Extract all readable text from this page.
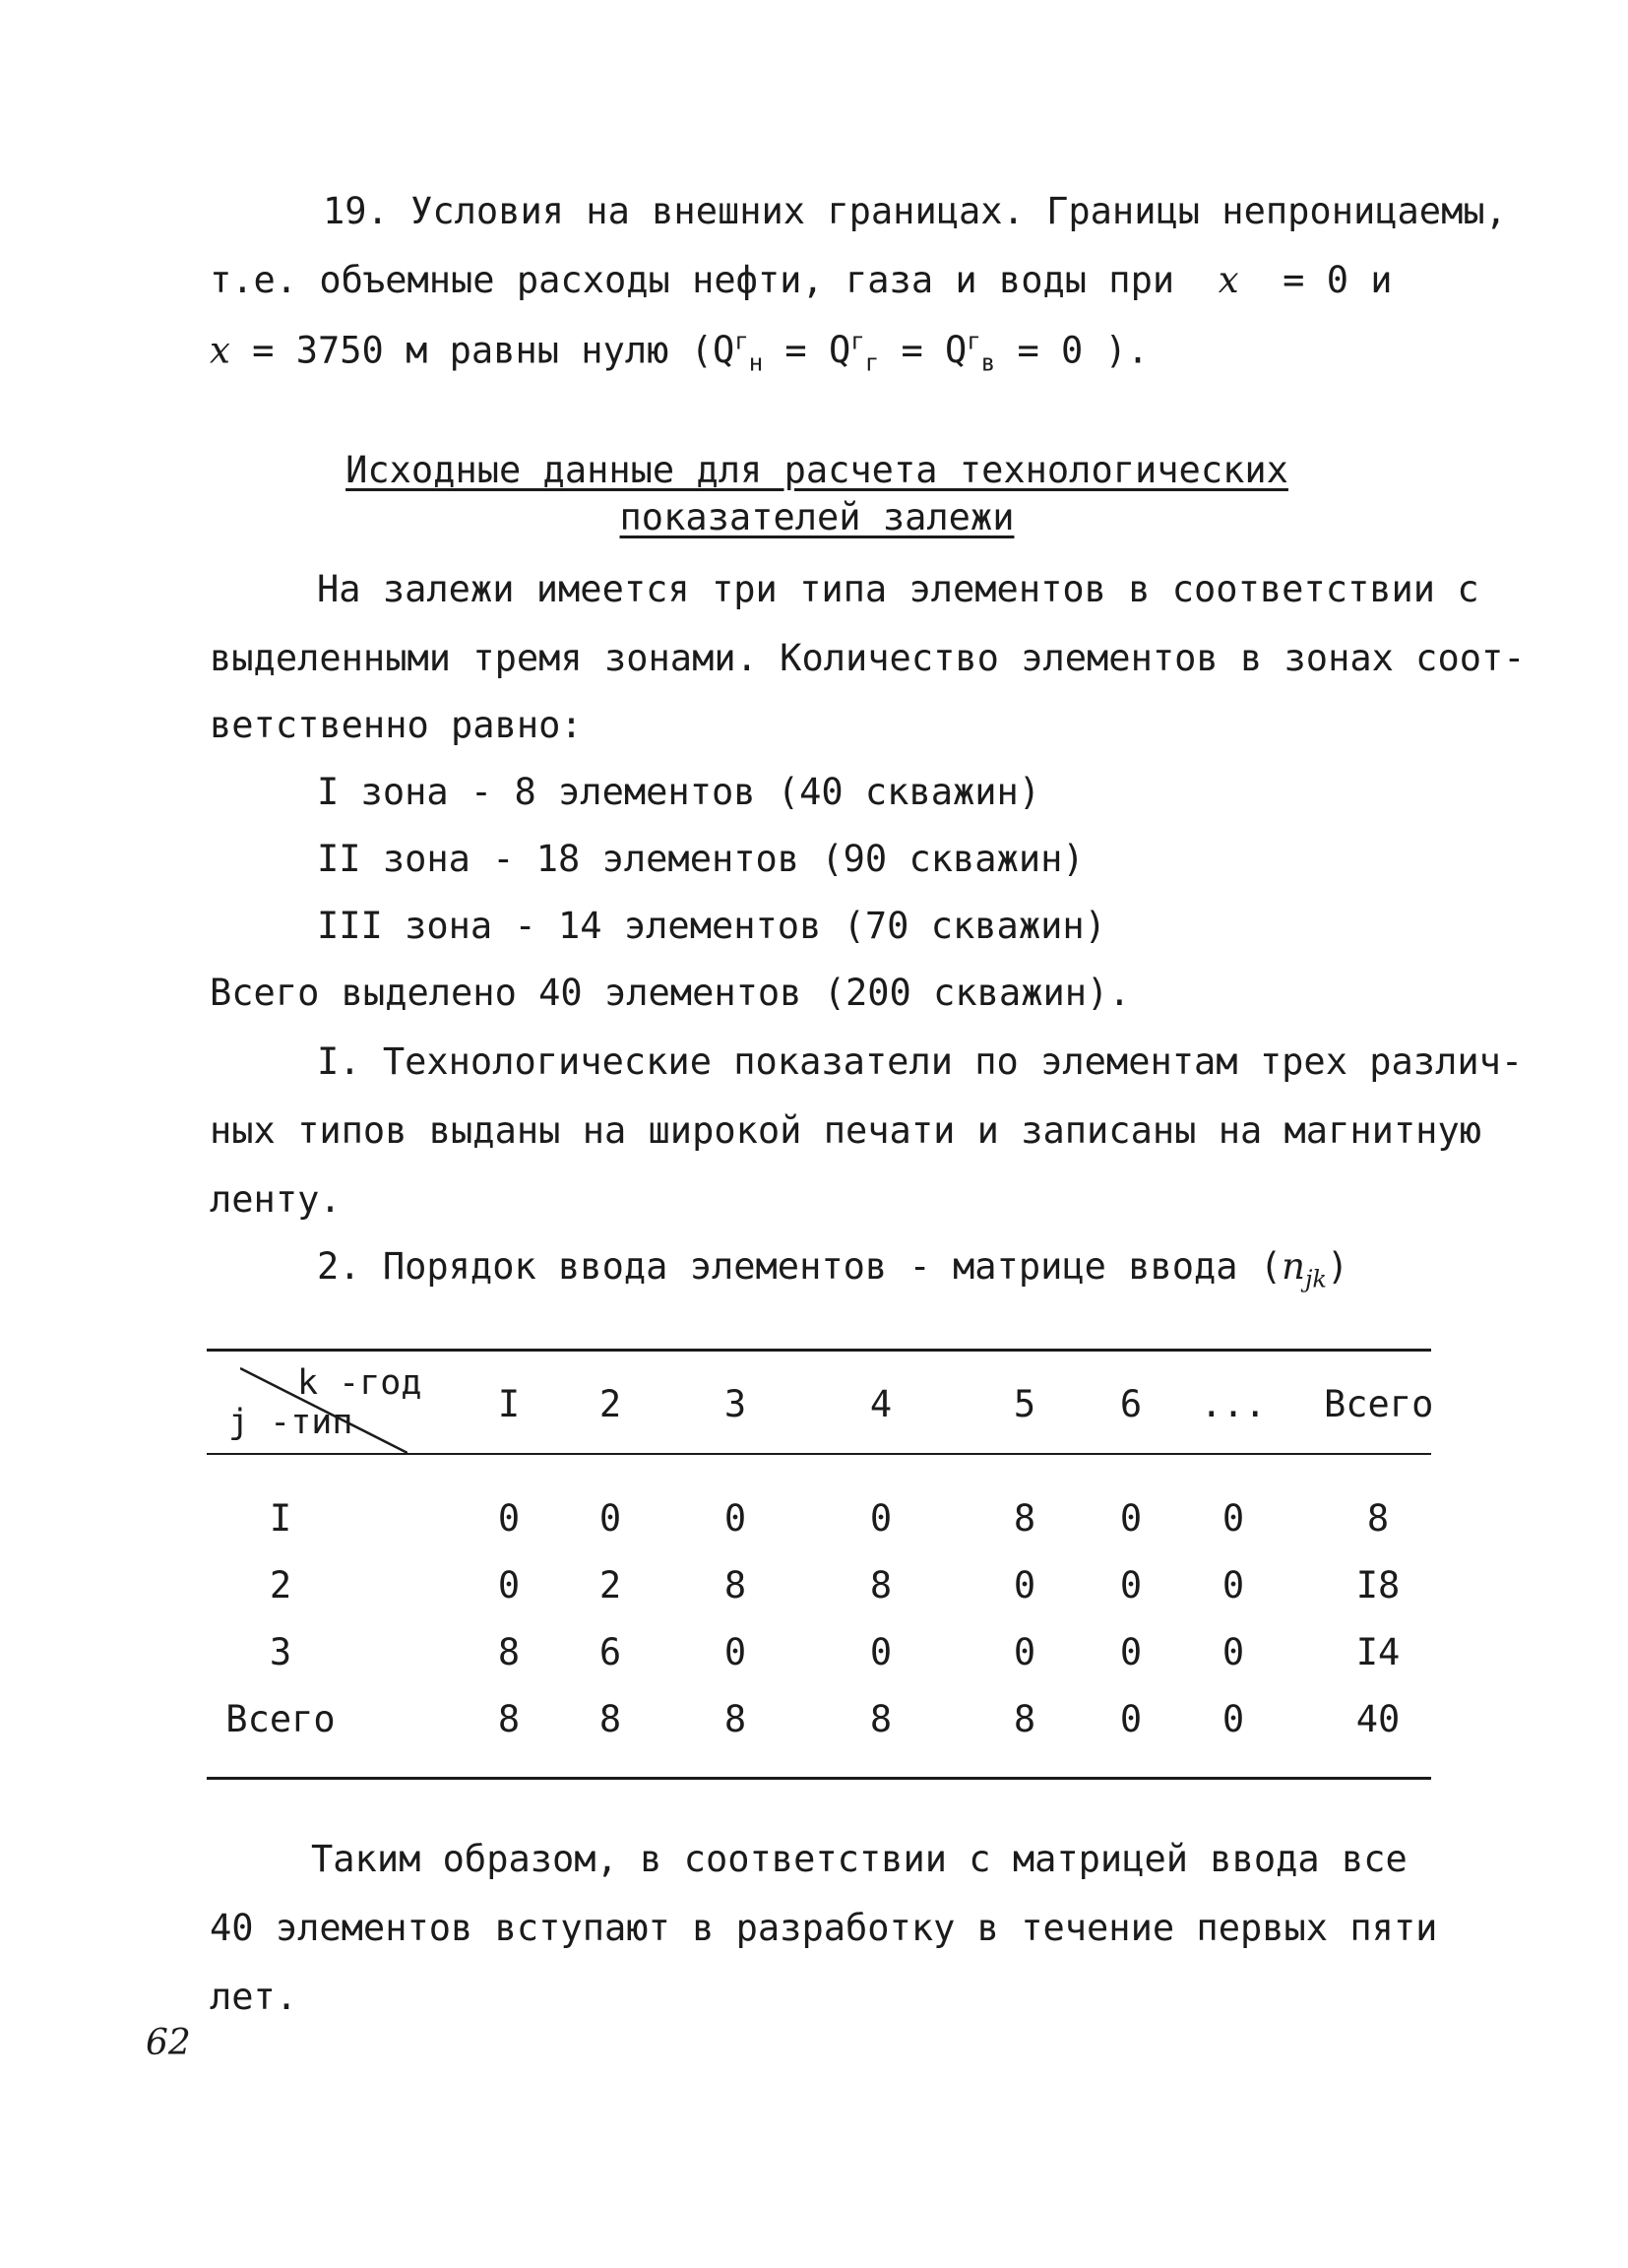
19. Условия на внешних границах. Границы непроницаемы,
т.е. объемные расходы нефти, газа и воды при x = 0 и
x = 3750 м равны нулю ($Q^г_н = Q^г_г = Q^г_в = 0$ ).
Исходные данные для расчета технологических
показателей залежи
На залежи имеется три типа элементов в соответствии с
выделенными тремя зонами. Количество элементов в зонах соот-
ветственно равно:
I зона - 8 элементов (40 скважин)
II зона - 18 элементов (90 скважин)
III зона - 14 элементов (70 скважин)
Всего выделено 40 элементов (200 скважин).
I. Технологические показатели по элементам трех различ-
ных типов выданы на широкой печати и записаны на магнитную
ленту.
2. Порядок ввода элементов - матрице ввода $(n_{jk})$
k -год
j -тип	I	2	3	4	5	6	...	Всего
I	0	0	0	0	8	0	0	8
2	0	2	8	8	0	0	0	I8
3	8	6	0	0	0	0	0	I4
Всего	8	8	8	8	8	0	0	40
Таким образом, в соответствии с матрицей ввода все
40 элементов вступают в разработку в течение первых пяти
лет.
62
